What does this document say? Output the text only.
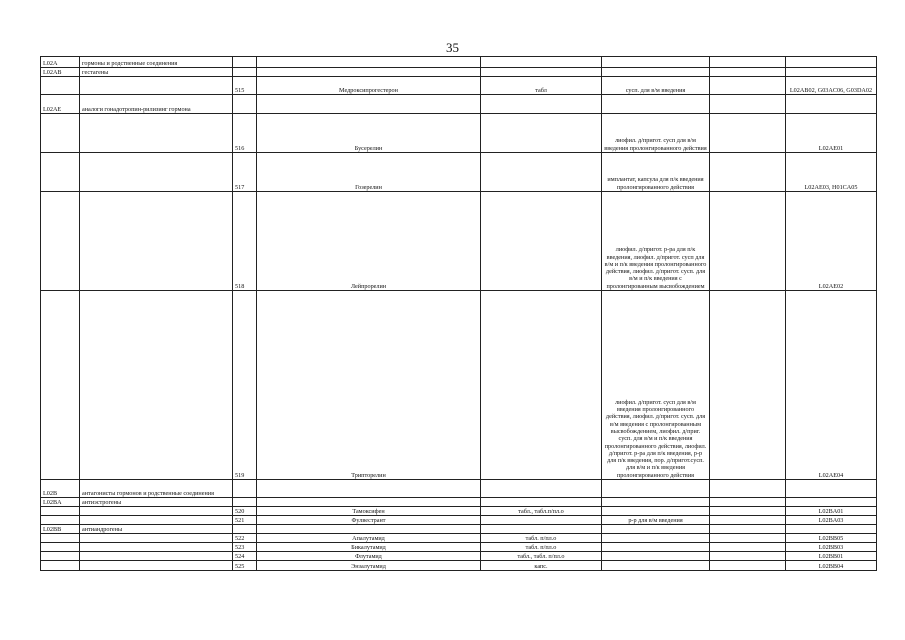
35
L02A	гормоны и родственные соединения						
L02AB	гестагены						
		515	Медроксипрогестерон	табл	сусп. для в/м введения		L02AB02, G03AC06, G03DA02
L02AE	аналоги гонадотропин-рилизинг гормона						
		516	Бусерелин		лиофил. д/пригот. сусп для в/м введения пролонгированного действия		L02AE01
		517	Гозерелин		имплантат, капсула для п/к введения пролонгированного действия		L02AE03, H01CA05
		518	Лейпрорелин		лиофил. д/пригот. р-ра для п/к введения, лиофил. д/пригот. сусп для в/м и п/к введения пролонгированного действия, лиофил. д/пригот. сусп. для в/м и п/к введения с пролонгированным высвобождением		L02AE02
		519	Трипторелин		лиофил. д/пригот. сусп для в/м введения пролонгированного действия, лиофил. д/пригот. сусп. для в/м введения с пролонгированным высвобождением, лиофил. д/приг. сусп. для в/м и п/к введения пролонгированного действия, лиофил. д/пригот. р-ра для п/к введения, р-р для п/к введения, пор. д/пригот.сусп. для в/м и п/к введения пролонгированного действия		L02AE04
L02B	антагонисты гормонов и родственные соединения						
L02BA	антиэстрогены						
		520	Тамоксифен	табл., табл.п/пл.о			L02BA01
		521	Фулвестрант		р-р для в/м введения		L02BA03
L02BB	антиандрогены						
		522	Апалутамид	табл. п/пл.о			L02BB05
		523	Бикалутамид	табл. п/пл.о			L02BB03
		524	Флутамид	табл., табл. п/пл.о			L02BB01
		525	Энзалутамид	капс.			L02BB04
